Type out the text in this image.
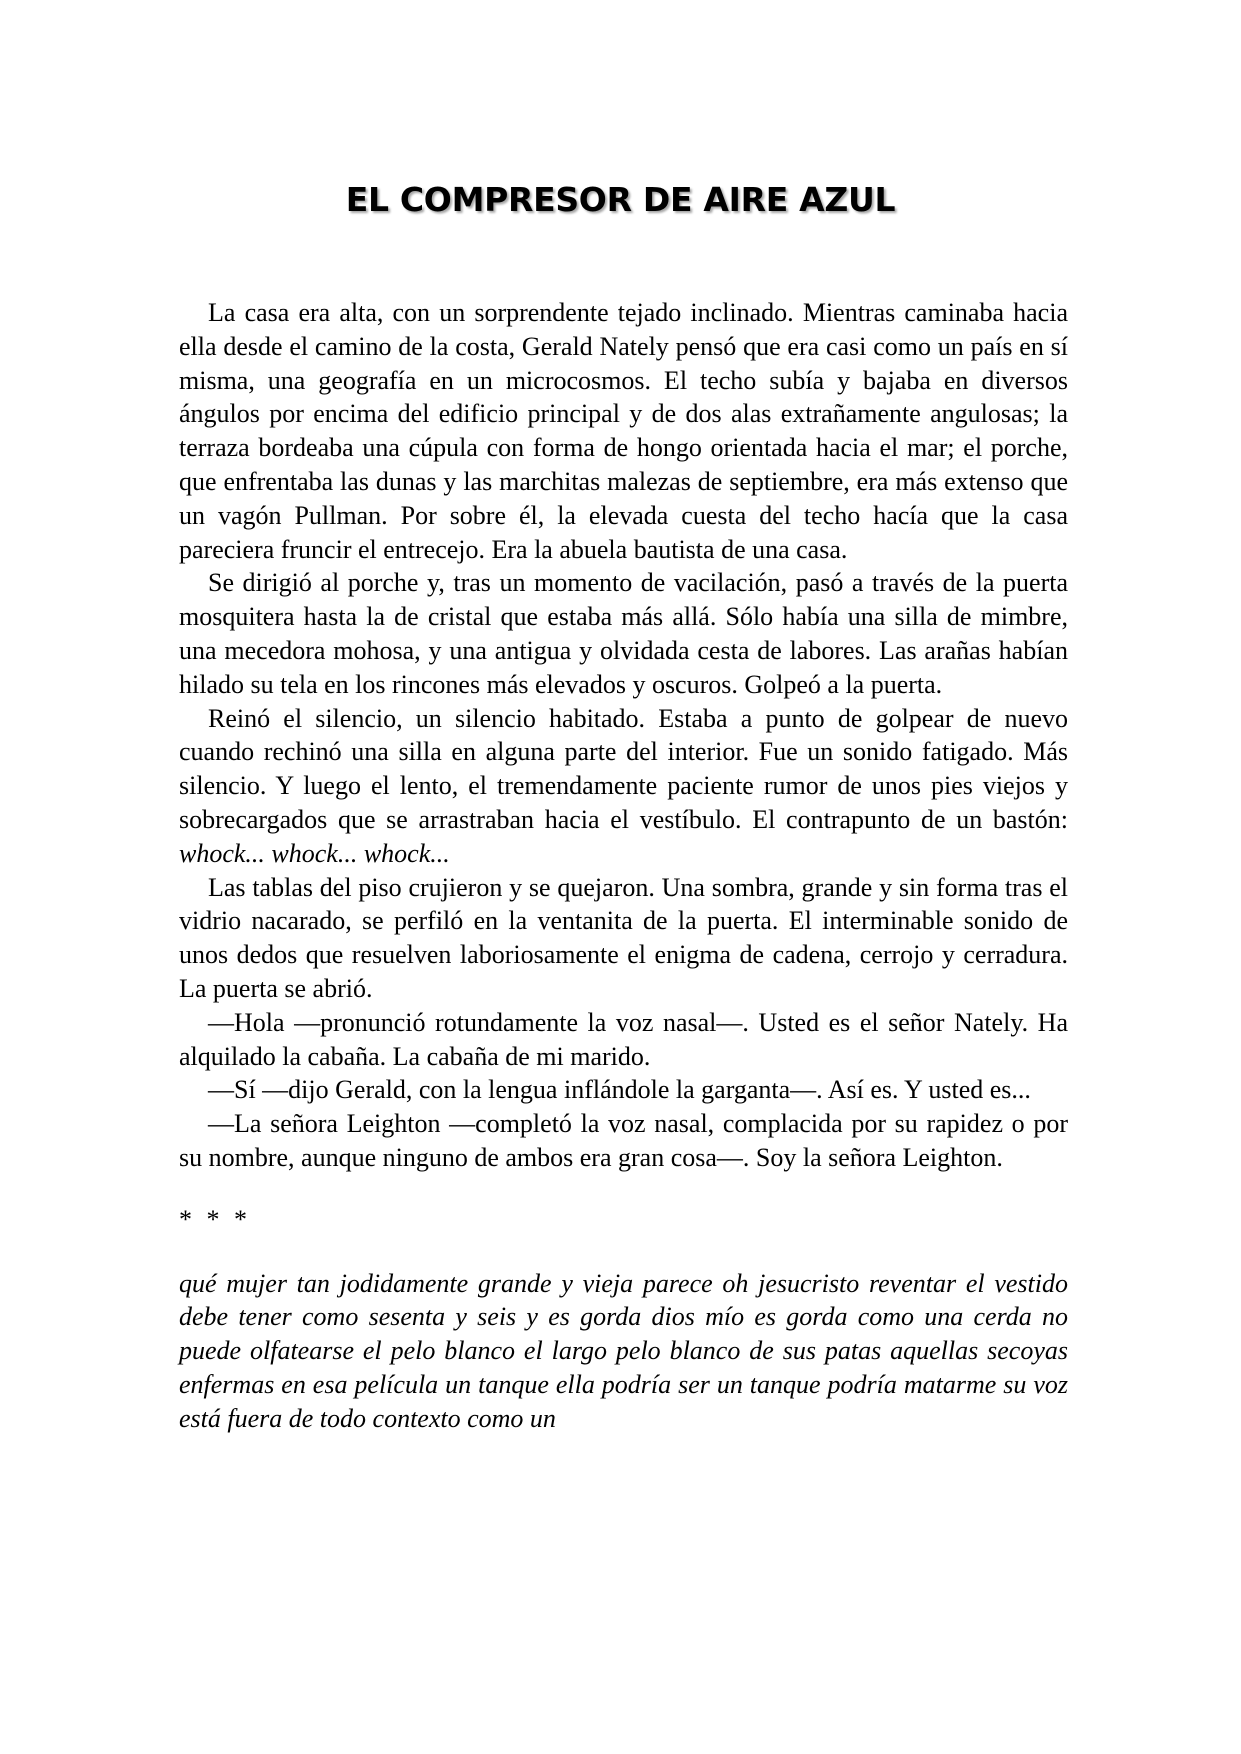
EL COMPRESOR DE AIRE AZUL

La casa era alta, con un sorprendente tejado inclinado. Mientras caminaba hacia ella desde el camino de la costa, Gerald Nately pensó que era casi como un país en sí misma, una geografía en un microcosmos. El techo subía y bajaba en diversos ángulos por encima del edificio principal y de dos alas extrañamente angulosas; la terraza bordeaba una cúpula con forma de hongo orientada hacia el mar; el porche, que enfrentaba las dunas y las marchitas malezas de septiembre, era más extenso que un vagón Pullman. Por sobre él, la elevada cuesta del techo hacía que la casa pareciera fruncir el entrecejo. Era la abuela bautista de una casa.

Se dirigió al porche y, tras un momento de vacilación, pasó a través de la puerta mosquitera hasta la de cristal que estaba más allá. Sólo había una silla de mimbre, una mecedora mohosa, y una antigua y olvidada cesta de labores. Las arañas habían hilado su tela en los rincones más elevados y oscuros. Golpeó a la puerta.

Reinó el silencio, un silencio habitado. Estaba a punto de golpear de nuevo cuando rechinó una silla en alguna parte del interior. Fue un sonido fatigado. Más silencio. Y luego el lento, el tremendamente paciente rumor de unos pies viejos y sobrecargados que se arrastraban hacia el vestíbulo. El contrapunto de un bastón: whock... whock... whock...

Las tablas del piso crujieron y se quejaron. Una sombra, grande y sin forma tras el vidrio nacarado, se perfiló en la ventanita de la puerta. El interminable sonido de unos dedos que resuelven laboriosamente el enigma de cadena, cerrojo y cerradura. La puerta se abrió.

—Hola —pronunció rotundamente la voz nasal—. Usted es el señor Nately. Ha alquilado la cabaña. La cabaña de mi marido.

—Sí —dijo Gerald, con la lengua inflándole la garganta—. Así es. Y usted es...

—La señora Leighton —completó la voz nasal, complacida por su rapidez o por su nombre, aunque ninguno de ambos era gran cosa—. Soy la señora Leighton.

* * *

qué mujer tan jodidamente grande y vieja parece oh jesucristo reventar el vestido debe tener como sesenta y seis y es gorda dios mío es gorda como una cerda no puede olfatearse el pelo blanco el largo pelo blanco de sus patas aquellas secoyas enfermas en esa película un tanque ella podría ser un tanque podría matarme su voz está fuera de todo contexto como un
